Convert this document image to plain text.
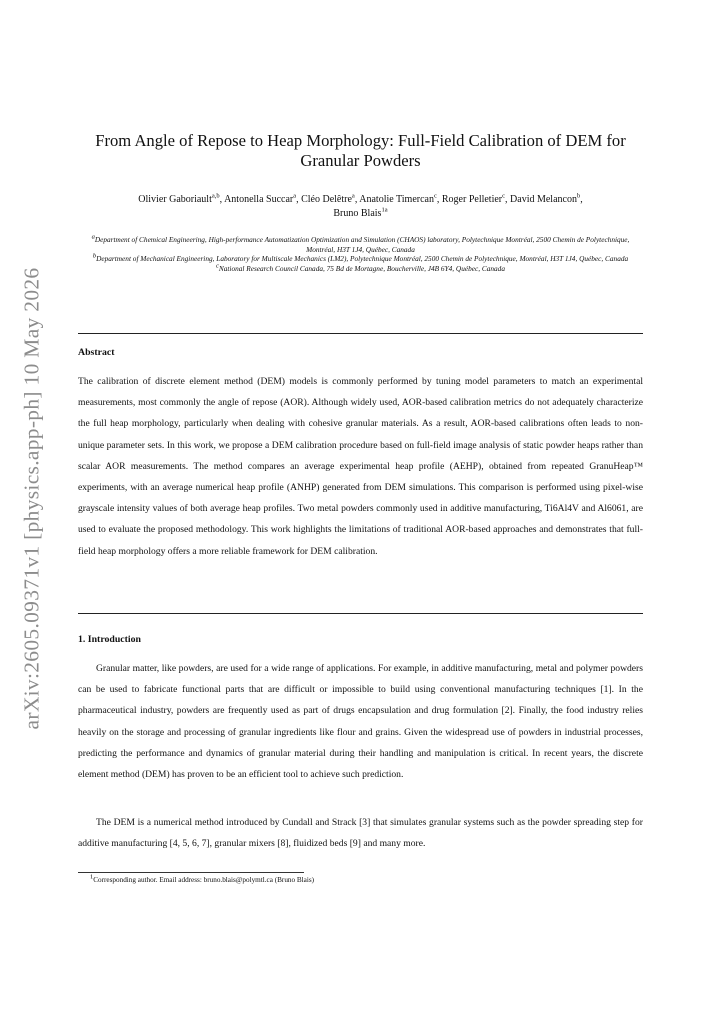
arXiv:2605.09371v1 [physics.app-ph] 10 May 2026
From Angle of Repose to Heap Morphology: Full-Field Calibration of DEM for
Granular Powders
Olivier Gaboriault$^{a,b}$, Antonella Succar$^a$, Cléo Delêtre$^a$, Anatolie Timercan$^c$, Roger Pelletier$^c$, David Melancon$^b$,
Bruno Blais$^{1a}$

$^a$Department of Chemical Engineering, High-performance Automatization Optimization and Simulation (CHAOS) laboratory, Polytechnique Montréal, 2500 Chemin de Polytechnique, Montréal, H3T 1J4, Québec, Canada

$^b$Department of Mechanical Engineering, Laboratory for Multiscale Mechanics (LM2), Polytechnique Montréal, 2500 Chemin de Polytechnique, Montréal, H3T 1J4, Québec, Canada

$^c$National Research Council Canada, 75 Bd de Mortagne, Boucherville, J4B 6Y4, Québec, Canada

Abstract

The calibration of discrete element method (DEM) models is commonly performed by tuning model parameters to match an experimental measurements, most commonly the angle of repose (AOR). Although widely used, AOR-based calibration metrics do not adequately characterize the full heap morphology, particularly when dealing with cohesive granular materials. As a result, AOR-based calibrations often leads to non-unique parameter sets. In this work, we propose a DEM calibration procedure based on full-field image analysis of static powder heaps rather than scalar AOR measurements. The method compares an average experimental heap profile (AEHP), obtained from repeated GranuHeap™ experiments, with an average numerical heap profile (ANHP) generated from DEM simulations. This comparison is performed using pixel-wise grayscale intensity values of both average heap profiles. Two metal powders commonly used in additive manufacturing, Ti6Al4V and Al6061, are used to evaluate the proposed methodology. This work highlights the limitations of traditional AOR-based approaches and demonstrates that full-field heap morphology offers a more reliable framework for DEM calibration.

1. Introduction

Granular matter, like powders, are used for a wide range of applications. For example, in additive manufacturing, metal and polymer powders can be used to fabricate functional parts that are difficult or impossible to build using conventional manufacturing techniques [1]. In the pharmaceutical industry, powders are frequently used as part of drugs encapsulation and drug formulation [2]. Finally, the food industry relies heavily on the storage and processing of granular ingredients like flour and grains. Given the widespread use of powders in industrial processes, predicting the performance and dynamics of granular material during their handling and manipulation is critical. In recent years, the discrete element method (DEM) has proven to be an efficient tool to achieve such prediction.

The DEM is a numerical method introduced by Cundall and Strack [3] that simulates granular systems such as the powder spreading step for additive manufacturing [4, 5, 6, 7], granular mixers [8], fluidized beds [9] and many more.

$^1$Corresponding author. Email address: bruno.blais@polymtl.ca (Bruno Blais)
